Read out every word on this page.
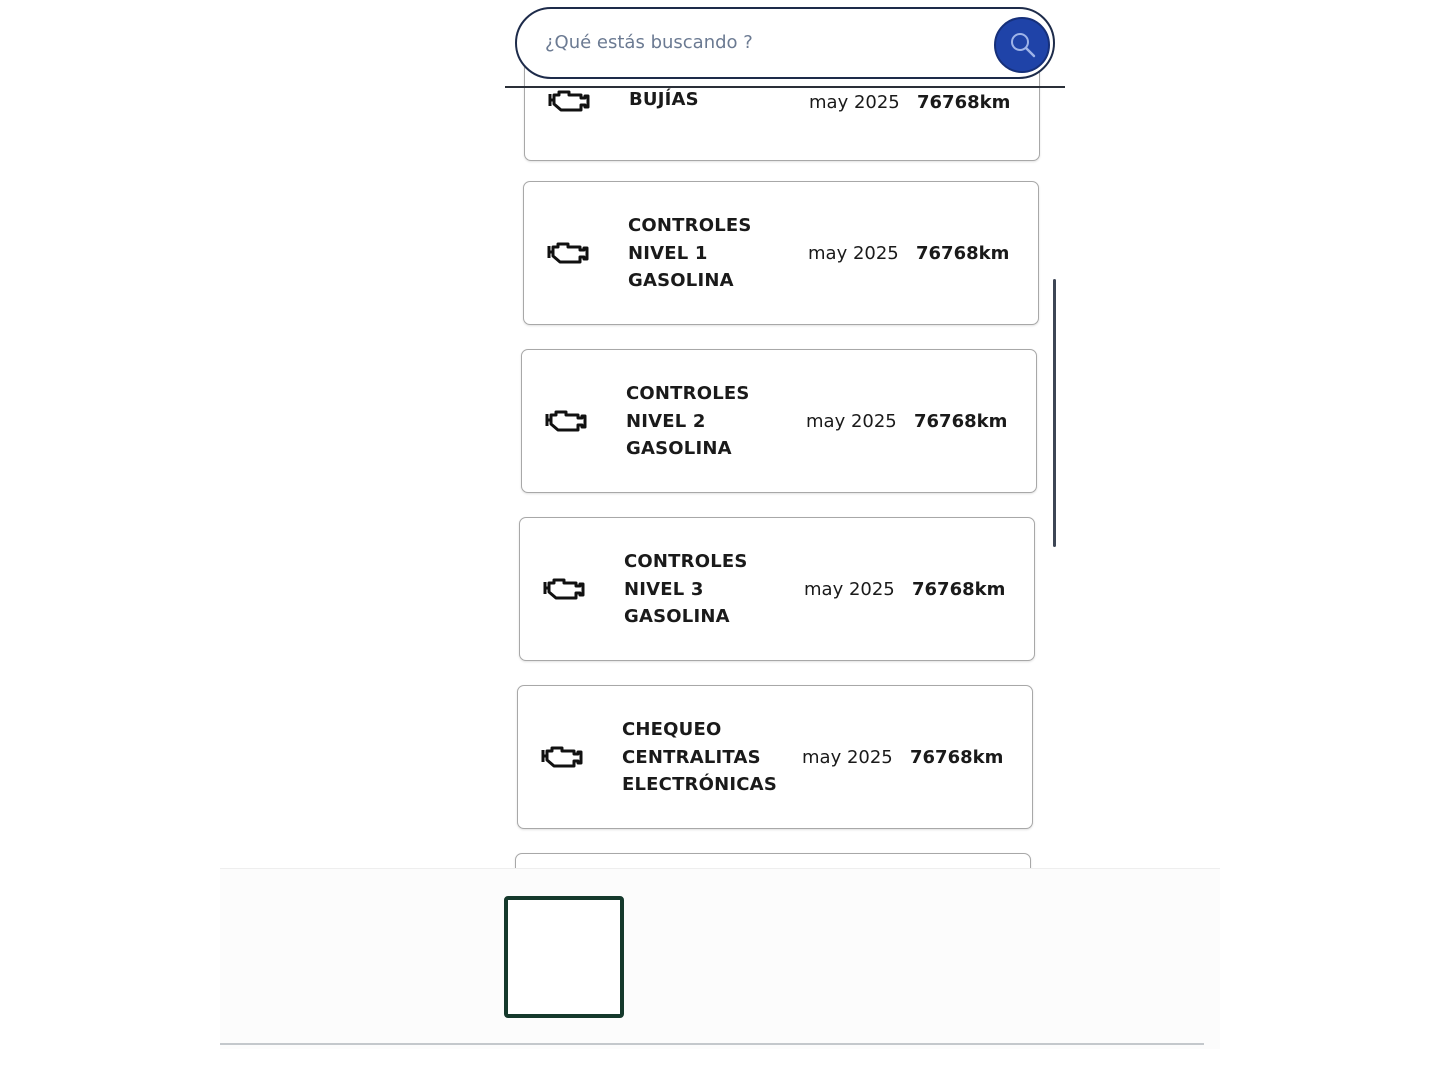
BUJÍAS	may 2025 76768km
CONTROLES NIVEL 1 GASOLINA
may 2025 76768km
CONTROLES NIVEL 2 GASOLINA
may 2025 76768km
CONTROLES NIVEL 3 GASOLINA
may 2025 76768km
CHEQUEO CENTRALITAS ELECTRÓNICAS
may 2025 76768km
¿Qué estás buscando ?
